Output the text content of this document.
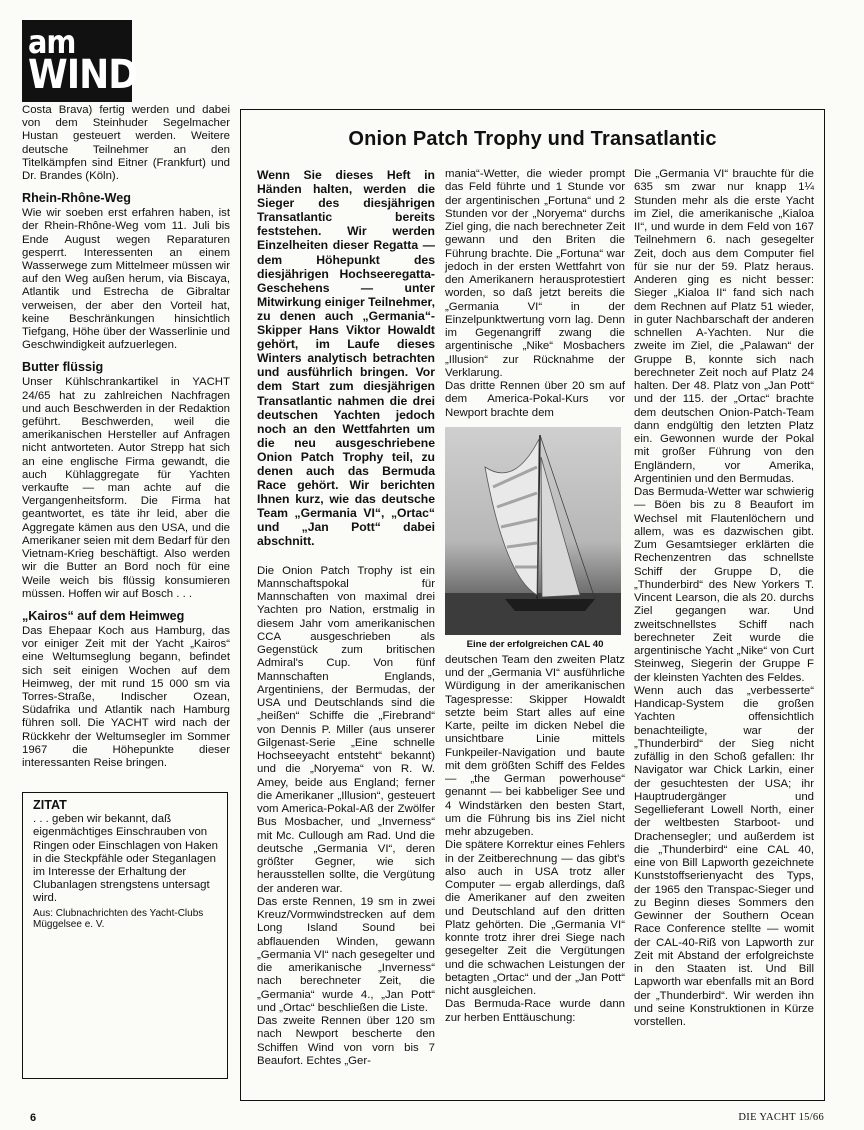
am
WIND

Costa Brava) fertig werden und dabei von dem Steinhuder Segelmacher Hustan gesteuert werden. Weitere deutsche Teilnehmer an den Titelkämpfen sind Eitner (Frankfurt) und Dr. Brandes (Köln).

Rhein-Rhône-Weg

Wie wir soeben erst erfahren haben, ist der Rhein-Rhône-Weg vom 11. Juli bis Ende August wegen Reparaturen gesperrt. Interessenten an einem Wasserwege zum Mittelmeer müssen wir auf den Weg außen herum, via Biscaya, Atlantik und Estrecha de Gibraltar verweisen, der aber den Vorteil hat, keine Beschränkungen hinsichtlich Tiefgang, Höhe über der Wasserlinie und Geschwindigkeit aufzuerlegen.

Butter flüssig

Unser Kühlschrankartikel in YACHT 24/65 hat zu zahlreichen Nachfragen und auch Beschwerden in der Redaktion geführt. Beschwerden, weil die amerikanischen Hersteller auf Anfragen nicht antworteten. Autor Strepp hat sich an eine englische Firma gewandt, die auch Kühlaggregate für Yachten verkaufte — man achte auf die Vergangenheitsform. Die Firma hat geantwortet, es täte ihr leid, aber die Aggregate kämen aus den USA, und die Amerikaner seien mit dem Bedarf für den Vietnam-Krieg beschäftigt. Also werden wir die Butter an Bord noch für eine Weile weich bis flüssig konsumieren müssen. Hoffen wir auf Bosch . . .

„Kairos“ auf dem Heimweg

Das Ehepaar Koch aus Hamburg, das vor einiger Zeit mit der Yacht „Kairos“ eine Weltumseglung begann, befindet sich seit einigen Wochen auf dem Heimweg, der mit rund 15 000 sm via Torres-Straße, Indischer Ozean, Südafrika und Atlantik nach Hamburg führen soll. Die YACHT wird nach der Rückkehr der Weltumsegler im Sommer 1967 die Höhepunkte dieser interessanten Reise bringen.

ZITAT

. . . geben wir bekannt, daß eigenmächtiges Einschrauben von Ringen oder Einschlagen von Haken in die Steckpfähle oder Steganlagen im Interesse der Erhaltung der Clubanlagen strengstens untersagt wird.

Aus: Clubnachrichten des Yacht-Clubs Müggelsee e. V.

Onion Patch Trophy und Transatlantic

Wenn Sie dieses Heft in Händen halten, werden die Sieger des diesjährigen Transatlantic bereits feststehen. Wir werden Einzelheiten dieser Regatta — dem Höhepunkt des diesjährigen Hochseeregatta-Geschehens — unter Mitwirkung einiger Teilnehmer, zu denen auch „Germania“-Skipper Hans Viktor Howaldt gehört, im Laufe dieses Winters analytisch betrachten und ausführlich bringen. Vor dem Start zum diesjährigen Transatlantic nahmen die drei deutschen Yachten jedoch noch an den Wettfahrten um die neu ausgeschriebene Onion Patch Trophy teil, zu denen auch das Bermuda Race gehört. Wir berichten Ihnen kurz, wie das deutsche Team „Germania VI“, „Ortac“ und „Jan Pott“ dabei abschnitt.

Die Onion Patch Trophy ist ein Mannschaftspokal für Mannschaften von maximal drei Yachten pro Nation, erstmalig in diesem Jahr vom amerikanischen CCA ausgeschrieben als Gegenstück zum britischen Admiral's Cup. Von fünf Mannschaften Englands, Argentiniens, der Bermudas, der USA und Deutschlands sind die „heißen“ Schiffe die „Firebrand“ von Dennis P. Miller (aus unserer Gilgenast-Serie „Eine schnelle Hochseeyacht entsteht“ bekannt) und die „Noryema“ von R. W. Amey, beide aus England; ferner die Amerikaner „Illusion“, gesteuert vom America-Pokal-Aß der Zwölfer Bus Mosbacher, und „Inverness“ mit Mc. Cullough am Rad. Und die deutsche „Germania VI“, deren größter Gegner, wie sich herausstellen sollte, die Vergütung der anderen war.

Das erste Rennen, 19 sm in zwei Kreuz/Vormwindstrecken auf dem Long Island Sound bei abflauenden Winden, gewann „Germania VI“ nach gesegelter und die amerikanische „Inverness“ nach berechneter Zeit, die „Germania“ wurde 4., „Jan Pott“ und „Ortac“ beschließen die Liste.

Das zweite Rennen über 120 sm nach Newport bescherte den Schiffen Wind von vorn bis 7 Beaufort. Echtes „Ger-

mania“-Wetter, die wieder prompt das Feld führte und 1 Stunde vor der argentinischen „Fortuna“ und 2 Stunden vor der „Noryema“ durchs Ziel ging, die nach berechneter Zeit gewann und den Briten die Führung brachte. Die „Fortuna“ war jedoch in der ersten Wettfahrt von den Amerikanern herausprotestiert worden, so daß jetzt bereits die „Germania VI“ in der Einzelpunktwertung vorn lag. Denn im Gegenangriff zwang die argentinische „Nike“ Mosbachers „Illusion“ zur Rücknahme der Verklarung.

Das dritte Rennen über 20 sm auf dem America-Pokal-Kurs vor Newport brachte dem

Eine der erfolgreichen CAL 40

deutschen Team den zweiten Platz und der „Germania VI“ ausführliche Würdigung in der amerikanischen Tagespresse: Skipper Howaldt setzte beim Start alles auf eine Karte, peilte im dicken Nebel die unsichtbare Linie mittels Funkpeiler-Navigation und baute mit dem größten Schiff des Feldes — „the German powerhouse“ genannt — bei kabbeliger See und 4 Windstärken den besten Start, um die Führung bis ins Ziel nicht mehr abzugeben.

Die spätere Korrektur eines Fehlers in der Zeitberechnung — das gibt's also auch in USA trotz aller Computer — ergab allerdings, daß die Amerikaner auf den zweiten und Deutschland auf den dritten Platz gehörten. Die „Germania VI“ konnte trotz ihrer drei Siege nach gesegelter Zeit die Vergütungen und die schwachen Leistungen der betagten „Ortac“ und der „Jan Pott“ nicht ausgleichen.

Das Bermuda-Race wurde dann zur herben Enttäuschung:

Die „Germania VI“ brauchte für die 635 sm zwar nur knapp 1¼ Stunden mehr als die erste Yacht im Ziel, die amerikanische „Kialoa II“, und wurde in dem Feld von 167 Teilnehmern 6. nach gesegelter Zeit, doch aus dem Computer fiel für sie nur der 59. Platz heraus. Anderen ging es nicht besser: Sieger „Kialoa II“ fand sich nach dem Rechnen auf Platz 51 wieder, in guter Nachbarschaft der anderen schnellen A-Yachten. Nur die zweite im Ziel, die „Palawan“ der Gruppe B, konnte sich nach berechneter Zeit noch auf Platz 24 halten. Der 48. Platz von „Jan Pott“ und der 115. der „Ortac“ brachte dem deutschen Onion-Patch-Team dann endgültig den letzten Platz ein. Gewonnen wurde der Pokal mit großer Führung von den Engländern, vor Amerika, Argentinien und den Bermudas.

Das Bermuda-Wetter war schwierig — Böen bis zu 8 Beaufort im Wechsel mit Flautenlöchern und allem, was es dazwischen gibt. Zum Gesamtsieger erklärten die Rechenzentren das schnellste Schiff der Gruppe D, die „Thunderbird“ des New Yorkers T. Vincent Learson, die als 20. durchs Ziel gegangen war. Und zweitschnellstes Schiff nach berechneter Zeit wurde die argentinische Yacht „Nike“ von Curt Steinweg, Siegerin der Gruppe F der kleinsten Yachten des Feldes.

Wenn auch das „verbesserte“ Handicap-System die großen Yachten offensichtlich benachteiligte, war der „Thunderbird“ der Sieg nicht zufällig in den Schoß gefallen: Ihr Navigator war Chick Larkin, einer der gesuchtesten der USA; ihr Hauptrudergänger und Segellieferant Lowell North, einer der weltbesten Starboot- und Drachensegler; und außerdem ist die „Thunderbird“ eine CAL 40, eine von Bill Lapworth gezeichnete Kunststoffserienyacht des Typs, der 1965 den Transpac-Sieger und zu Beginn dieses Sommers den Gewinner der Southern Ocean Race Conference stellte — womit der CAL-40-Riß von Lapworth zur Zeit mit Abstand der erfolgreichste in den Staaten ist. Und Bill Lapworth war ebenfalls mit an Bord der „Thunderbird“. Wir werden ihn und seine Konstruktionen in Kürze vorstellen.

6	DIE YACHT 15/66
